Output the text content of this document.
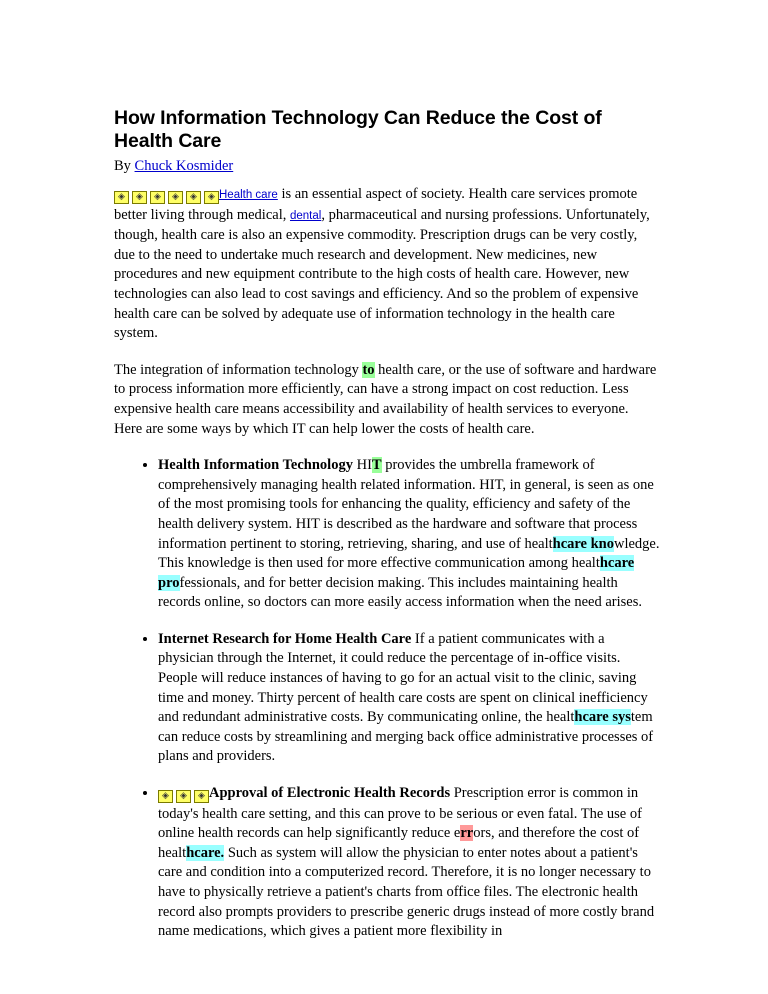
How Information Technology Can Reduce the Cost of Health Care
By Chuck Kosmider

◈ ◈ ◈ ◈ ◈ ◈ Health care is an essential aspect of society. Health care services promote better living through medical, dental, pharmaceutical and nursing professions. Unfortunately, though, health care is also an expensive commodity. Prescription drugs can be very costly, due to the need to undertake much research and development. New medicines, new procedures and new equipment contribute to the high costs of health care. However, new technologies can also lead to cost savings and efficiency. And so the problem of expensive health care can be solved by adequate use of information technology in the health care system.

The integration of information technology to health care, or the use of software and hardware to process information more efficiently, can have a strong impact on cost reduction. Less expensive health care means accessibility and availability of health services to everyone. Here are some ways by which IT can help lower the costs of health care.

• Health Information Technology HIT provides the umbrella framework of comprehensively managing health related information. HIT, in general, is seen as one of the most promising tools for enhancing the quality, efficiency and safety of the health delivery system. HIT is described as the hardware and software that process information pertinent to storing, retrieving, sharing, and use of healthcare knowledge. This knowledge is then used for more effective communication among healthcare professionals, and for better decision making. This includes maintaining health records online, so doctors can more easily access information when the need arises.
• Internet Research for Home Health Care If a patient communicates with a physician through the Internet, it could reduce the percentage of in-office visits. People will reduce instances of having to go for an actual visit to the clinic, saving time and money. Thirty percent of health care costs are spent on clinical inefficiency and redundant administrative costs. By communicating online, the healthcare system can reduce costs by streamlining and merging back office administrative processes of plans and providers.
• ◈ ◈ ◈ Approval of Electronic Health Records Prescription error is common in today's health care setting, and this can prove to be serious or even fatal. The use of online health records can help significantly reduce errors, and therefore the cost of healthcare. Such as system will allow the physician to enter notes about a patient's care and condition into a computerized record. Therefore, it is no longer necessary to have to physically retrieve a patient's charts from office files. The electronic health record also prompts providers to prescribe generic drugs instead of more costly brand name medications, which gives a patient more flexibility in
